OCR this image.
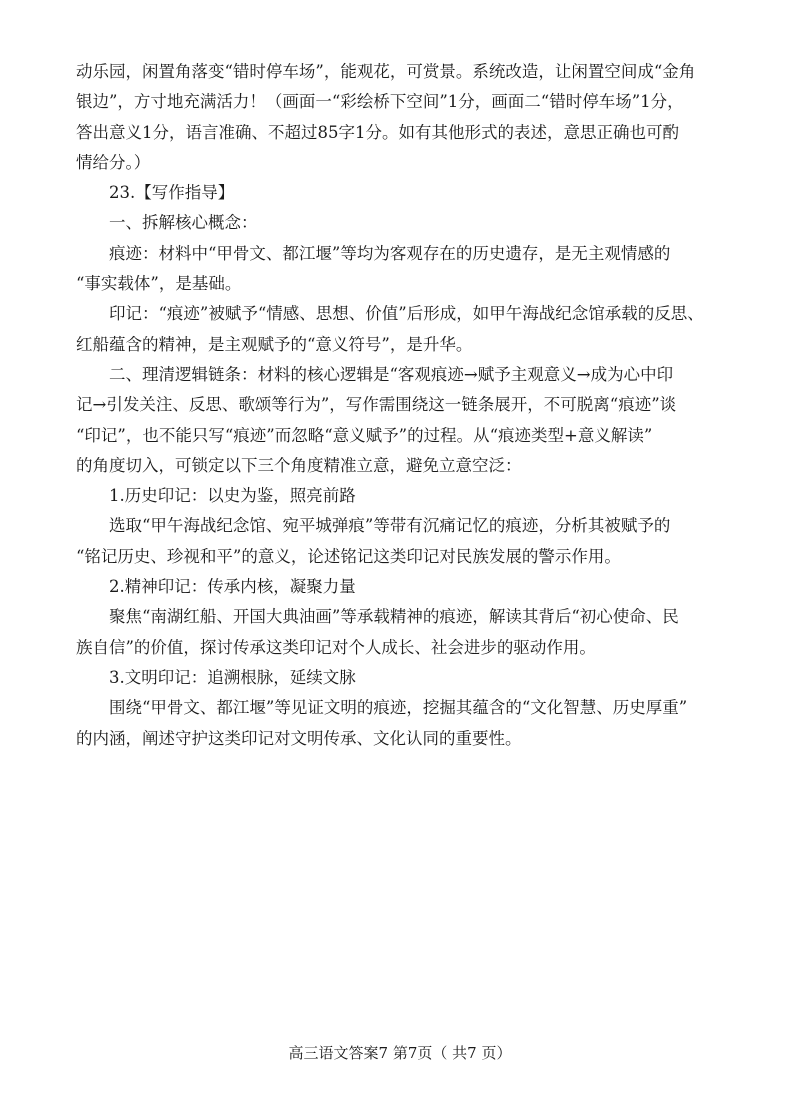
动乐园，闲置角落变“错时停车场”，能观花，可赏景。系统改造，让闲置空间成“金角
银边”，方寸地充满活力！（画面一“彩绘桥下空间”1分，画面二“错时停车场”1分，
答出意义1分，语言准确、不超过85字1分。如有其他形式的表述，意思正确也可酌
情给分。）
23.【写作指导】
一、拆解核心概念：
痕迹：材料中“甲骨文、都江堰”等均为客观存在的历史遗存，是无主观情感的
“事实载体”，是基础。
印记：“痕迹”被赋予“情感、思想、价值”后形成，如甲午海战纪念馆承载的反思、
红船蕴含的精神，是主观赋予的“意义符号”，是升华。
二、理清逻辑链条：材料的核心逻辑是“客观痕迹→赋予主观意义→成为心中印
记→引发关注、反思、歌颂等行为”，写作需围绕这一链条展开，不可脱离“痕迹”谈
“印记”，也不能只写“痕迹”而忽略“意义赋予”的过程。从“痕迹类型+意义解读”
的角度切入，可锁定以下三个角度精准立意，避免立意空泛：
1.历史印记：以史为鉴，照亮前路
选取“甲午海战纪念馆、宛平城弹痕”等带有沉痛记忆的痕迹，分析其被赋予的
“铭记历史、珍视和平”的意义，论述铭记这类印记对民族发展的警示作用。
2.精神印记：传承内核，凝聚力量
聚焦“南湖红船、开国大典油画”等承载精神的痕迹，解读其背后“初心使命、民
族自信”的价值，探讨传承这类印记对个人成长、社会进步的驱动作用。
3.文明印记：追溯根脉，延续文脉
围绕“甲骨文、都江堰”等见证文明的痕迹，挖掘其蕴含的“文化智慧、历史厚重”
的内涵，阐述守护这类印记对文明传承、文化认同的重要性。
高三语文答案7 第7页（ 共7 页）
